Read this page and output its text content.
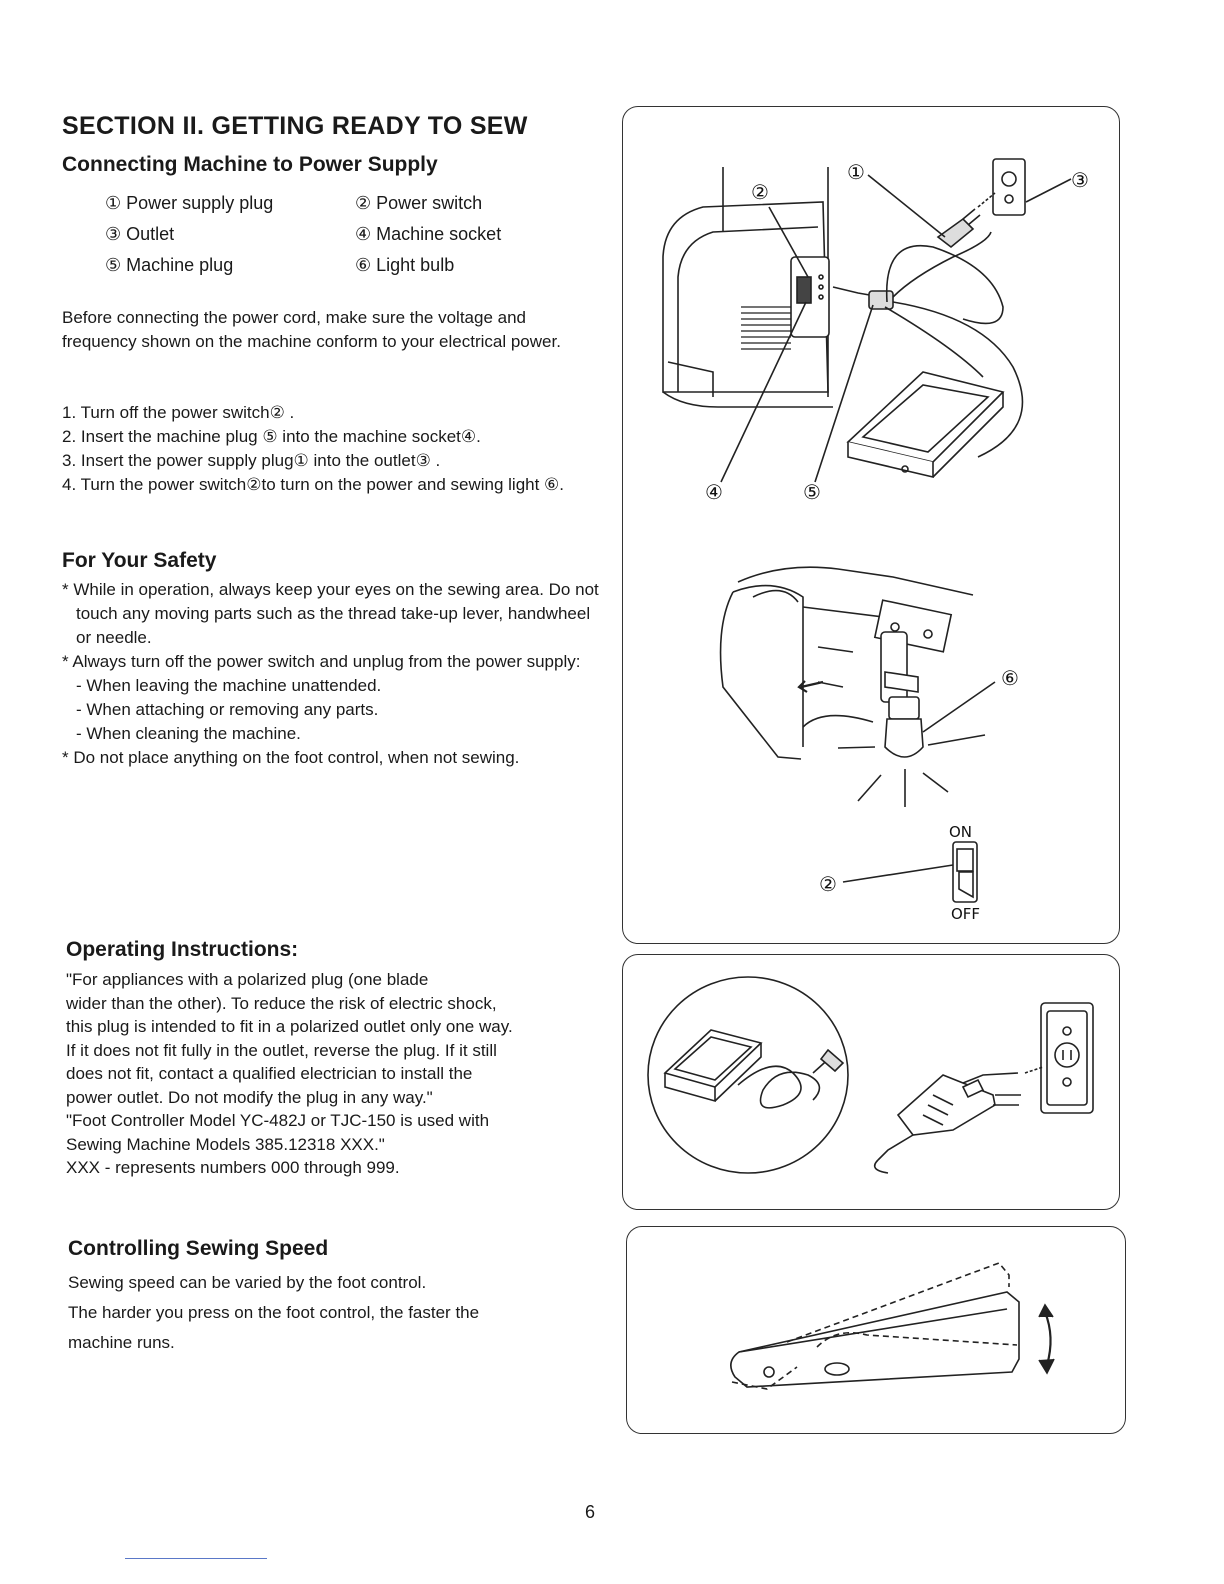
SECTION II. GETTING READY TO SEW
Connecting Machine to Power Supply
① Power supply plug	② Power switch
③ Outlet	④ Machine socket
⑤ Machine plug	⑥ Light bulb

Before connecting the power cord, make sure the voltage and frequency shown on the machine conform to your electrical power.

1. Turn off the power switch② .
2. Insert the machine plug ⑤ into the machine socket④.
3. Insert the power supply plug① into the outlet③ .
4. Turn the power switch②to turn on the power and sewing light ⑥.
For Your Safety
* While in operation, always keep your eyes on the sewing area. Do not touch any moving parts such as the thread take-up lever, handwheel or needle.
* Always turn off the power switch and unplug from the power supply:
- When leaving the machine unattended.
- When attaching or removing any parts.
- When cleaning the machine.
* Do not place anything on the foot control, when not sewing.
Operating Instructions:

"For appliances with a polarized plug (one blade

wider than the other). To reduce the risk of electric shock,

this plug is intended to fit in a polarized outlet only one way.

If it does not fit fully in the outlet, reverse the plug. If it still

does not fit, contact a qualified electrician to install the

power outlet. Do not modify the plug in any way."

"Foot Controller Model YC-482J or TJC-150 is used with

Sewing Machine Models 385.12318 XXX."

XXX - represents numbers 000 through 999.

Controlling Sewing Speed

Sewing speed can be varied by the foot control.

The harder you press on the foot control, the faster the

machine runs.

①
②	③
④	⑤
⑥
ON
OFF
②
6
